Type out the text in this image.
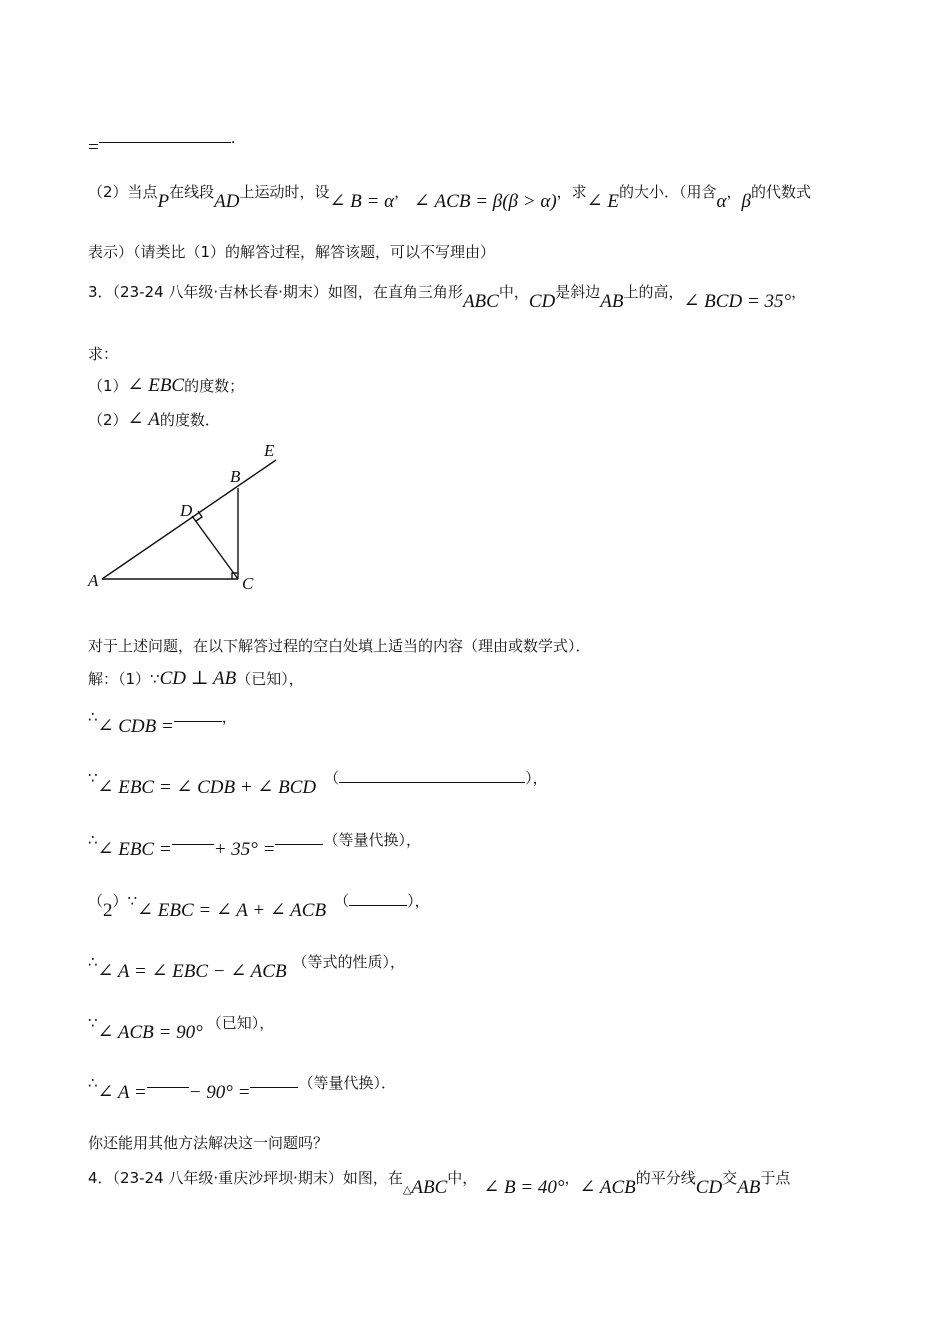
=	.
（2）当点P在线段AD上运动时，设∠ B = α， ∠ ACB = β(β > α)，求∠ E的大小．（用含α，β的代数式
表示）（请类比（1）的解答过程，解答该题，可以不写理由）
3．（23-24 八年级·吉林长春·期末）如图，在直角三角形ABC中，CD是斜边AB上的高，∠ BCD = 35°，
求：
（1）∠ EBC的度数；
（2）∠ A的度数．
A
B
C
D
E
对于上述问题，在以下解答过程的空白处填上适当的内容（理由或数学式）．
解：（1）∵CD ⊥ AB（已知），
∴∠ CDB =	，
∵∠ EBC = ∠ CDB + ∠ BCD （	），
∴∠ EBC = + 35° =	（等量代换），
（2）∵∠ EBC = ∠ A + ∠ ACB （	），
∴∠ A = ∠ EBC − ∠ ACB （等式的性质），
∵∠ ACB = 90° （已知），
∴∠ A = − 90° =	（等量代换）．
你还能用其他方法解决这一问题吗？
4．（23-24 八年级·重庆沙坪坝·期末）如图，在$_\triangle$ABC中， ∠ B = 40°，∠ ACB的平分线CD交AB于点
